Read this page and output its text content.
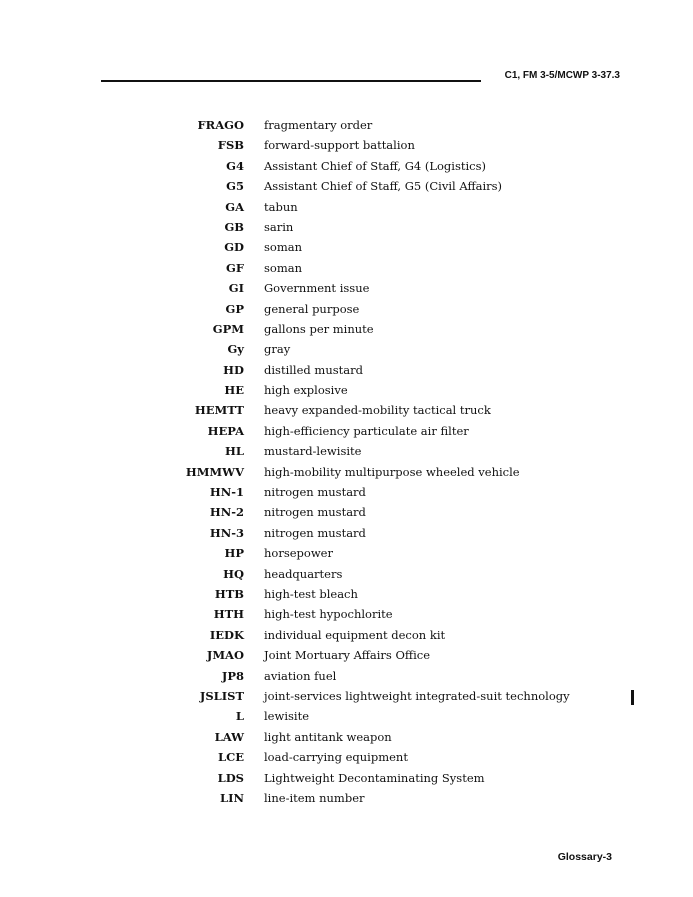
C1, FM 3-5/MCWP 3-37.3
FRAGO fragmentary order
FSB forward-support battalion
G4 Assistant Chief of Staff, G4 (Logistics)
G5 Assistant Chief of Staff, G5 (Civil Affairs)
GA tabun
GB sarin
GD soman
GF soman
GI Government issue
GP general purpose
GPM gallons per minute
Gy gray
HD distilled mustard
HE high explosive
HEMTT heavy expanded-mobility tactical truck
HEPA high-efficiency particulate air filter
HL mustard-lewisite
HMMWV high-mobility multipurpose wheeled vehicle
HN-1 nitrogen mustard
HN-2 nitrogen mustard
HN-3 nitrogen mustard
HP horsepower
HQ headquarters
HTB high-test bleach
HTH high-test hypochlorite
IEDK individual equipment decon kit
JMAO Joint Mortuary Affairs Office
JP8 aviation fuel
JSLIST joint-services lightweight integrated-suit technology
L lewisite
LAW light antitank weapon
LCE load-carrying equipment
LDS Lightweight Decontaminating System
LIN line-item number
Glossary-3
